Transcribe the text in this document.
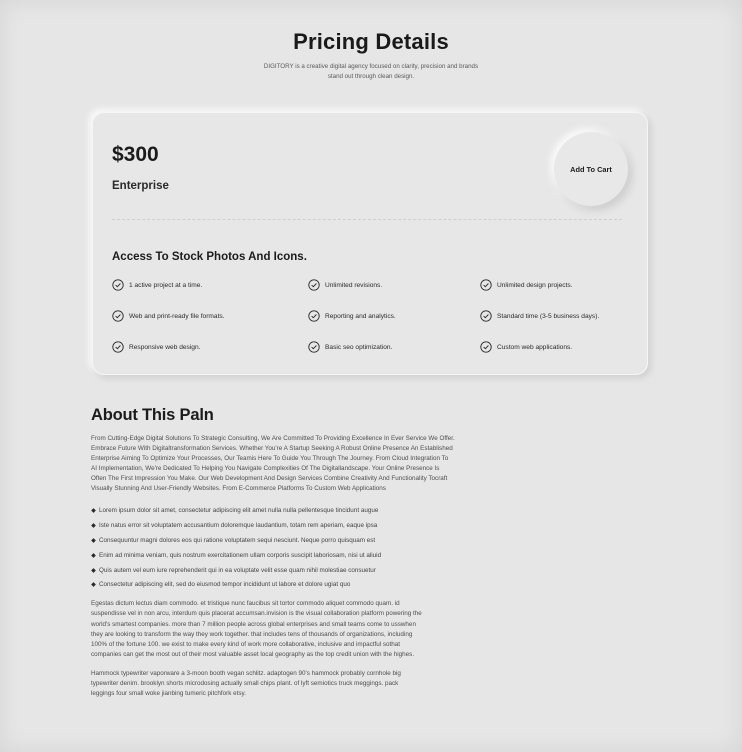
Pricing Details

DIGITORY is a creative digital agency focused on clarity, precision and brands stand out through clean design.

$300
Enterprise
Add To Cart
Access To Stock Photos And Icons.
1 active project at a time.	Unlimited revisions.	Unlimited design projects.
Web and print-ready file formats.	Reporting and analytics.	Standard time (3-5 business days).
Responsive web design.	Basic seo optimization.	Custom web applications.
About This Paln

From Cutting-Edge Digital Solutions To Strategic Consulting, We Are Committed To Providing Excellence In Ever Service We Offer. Embrace Future With Digitaltransformation Services. Whether You're A Startup Seeking A Robust Online Presence An Established Enterprise Aiming To Optimize Your Processes, Our Teamis Here To Guide You Through The Journey. From Cloud Integration To AI Implementation, We're Dedicated To Helping You Navigate Complexities Of The Digitallandscape. Your Online Presence Is Often The First Impression You Make. Our Web Development And Design Services Combine Creativity And Functionality Tocraft Visually Stunning And User-Friendly Websites. From E-Commerce Platforms To Custom Web Applications

Lorem ipsum dolor sit amet, consectetur adipiscing elit amet nulla nulla pellentesque tincidunt augue
Iste natus error sit voluptatem accusantium doloremque laudantium, totam rem aperiam, eaque ipsa
Consequuntur magni dolores eos qui ratione voluptatem sequi nesciunt. Neque porro quisquam est
Enim ad minima veniam, quis nostrum exercitationem ullam corporis suscipit laboriosam, nisi ut aliuid
Quis autem vel eum iure reprehenderit qui in ea voluptate velit esse quam nihil molestiae consuetur
Consectetur adipiscing elit, sed do eiusmod tempor incididunt ut labore et dolore ugiat quo

Egestas dictum lectus diam commodo. et tristique nunc faucibus sit tortor commodo aliquet commodo quam. id suspendisse vel in non arcu, interdum quis placerat accumsan.invision is the visual collaboration platform powering the world's smartest companies. more than 7 million people across global enterprises and small teams come to usswhen they are looking to transform the way they work together. that includes tens of thousands of organizations, including 100% of the fortune 100. we exist to make every kind of work more collaborative, inclusive and impactful sothat companies can get the most out of their most valuable asset local geography as the top credit union with the highes.

Hammock typewriter vaporware a 3-moon booth vegan schlitz. adaptogen 90's hammock probably cornhole big typewriter denim. brooklyn shorts microdosing actually small chips plant. of lyft semiotics truck meggings. pack leggings four small woke jianbing tumeric pitchfork etsy.
